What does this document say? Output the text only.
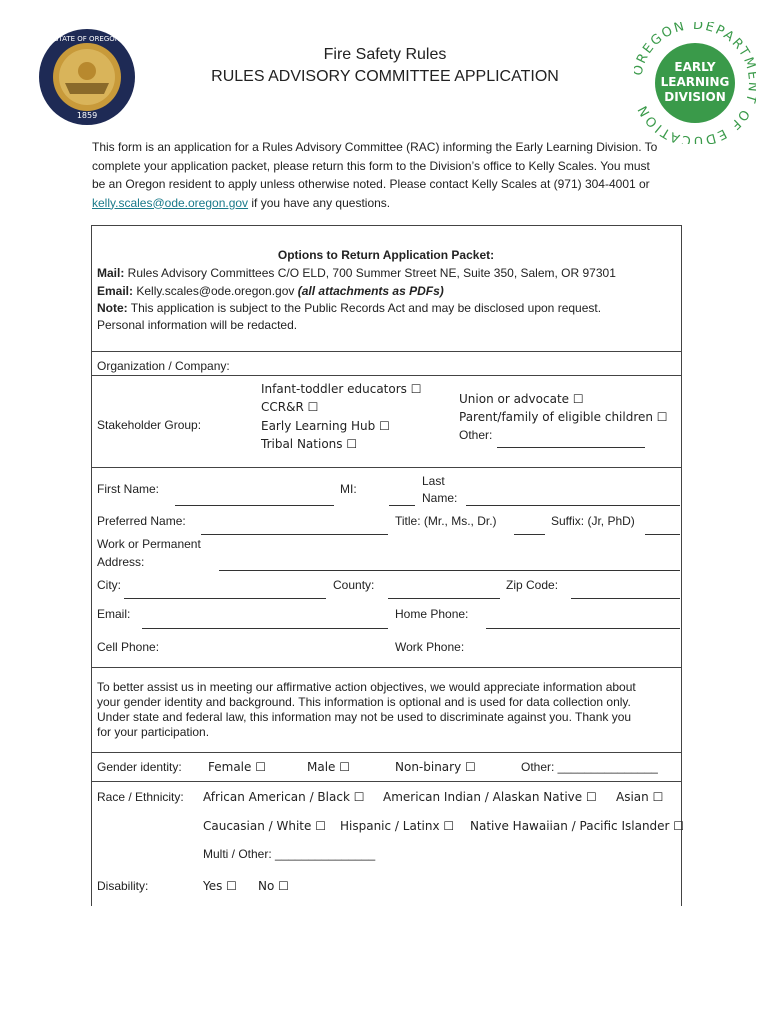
1859
STATE OF OREGON
REGON DEPART OF EDUCATION
EARLY
LEARNING
DIVISION
Fire Safety Rules
RULES ADVISORY COMMITTEE APPLICATION
This form is an application for a Rules Advisory Committee (RAC) informing the Early Learning Division. To
complete your application packet, please return this form to the Division’s office to Kelly Scales. You must
be an Oregon resident to apply unless otherwise noted. Please contact Kelly Scales at (971) 304-4001 or
kelly.scales@ode.oregon.gov if you have any questions.
Options to Return Application Packet:
Mail: Rules Advisory Committees C/O ELD, 700 Summer Street NE, Suite 350, Salem, OR 97301
Email: Kelly.scales@ode.oregon.gov (all attachments as PDFs)
Note: This application is subject to the Public Records Act and may be disclosed upon request.
Personal information will be redacted.
Organization / Company:
Stakeholder Group:
Infant-toddler educators ☐
CCR&R ☐
Early Learning Hub ☐
Tribal Nations ☐
Union or advocate ☐
Parent/family of eligible children ☐
Other:
First Name:	MI:
Last
Name:
Preferred Name:	Title: (Mr., Ms., Dr.)	Suffix: (Jr, PhD)
Work or Permanent
Address:
City:	County:	Zip Code:
Email:	Home Phone:
Cell Phone:	Work Phone:
To better assist us in meeting our affirmative action objectives, we would appreciate information about
your gender identity and background. This information is optional and is used for data collection only.
Under state and federal law, this information may not be used to discriminate against you. Thank you
for your participation.
Gender identity: Female ☐	Male ☐	Non-binary ☐	Other: _______________
Race / Ethnicity: African American / Black ☐ American Indian / Alaskan Native ☐ Asian ☐
Caucasian / White ☐ Hispanic / Latinx ☐ Native Hawaiian / Pacific Islander ☐
Multi / Other: _______________
Disability:	Yes ☐ No ☐
